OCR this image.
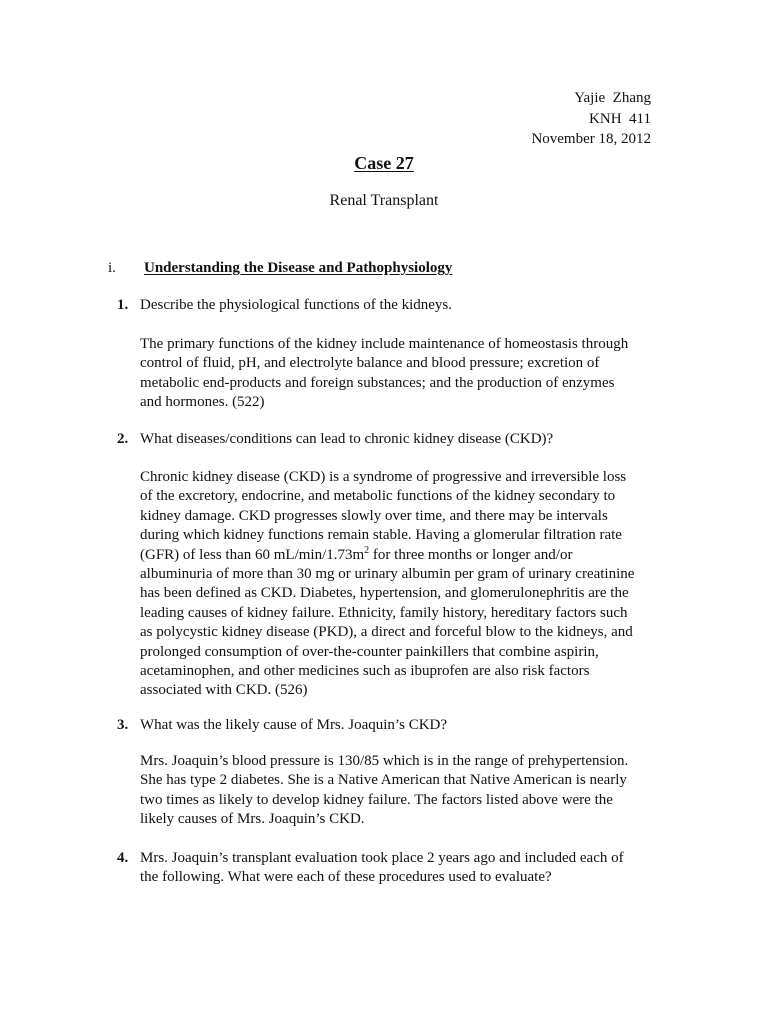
Yajie  Zhang
KNH  411
November 18, 2012
Case 27
Renal Transplant
i. Understanding the Disease and Pathophysiology
1. Describe the physiological functions of the kidneys.
The primary functions of the kidney include maintenance of homeostasis through
control of fluid, pH, and electrolyte balance and blood pressure; excretion of
metabolic end-products and foreign substances; and the production of enzymes
and hormones. (522)
2. What diseases/conditions can lead to chronic kidney disease (CKD)?
Chronic kidney disease (CKD) is a syndrome of progressive and irreversible loss
of the excretory, endocrine, and metabolic functions of the kidney secondary to
kidney damage. CKD progresses slowly over time, and there may be intervals
during which kidney functions remain stable. Having a glomerular filtration rate
(GFR) of less than 60 $mL/\min/1.73m^2$ for three months or longer and/or
albuminuria of more than 30 mg or urinary albumin per gram of urinary creatinine
has been defined as CKD. Diabetes, hypertension, and glomerulonephritis are the
leading causes of kidney failure. Ethnicity, family history, hereditary factors such
as polycystic kidney disease (PKD), a direct and forceful blow to the kidneys, and
prolonged consumption of over-the-counter painkillers that combine aspirin,
acetaminophen, and other medicines such as ibuprofen are also risk factors
associated with CKD. (526)
3. What was the likely cause of Mrs. Joaquin’s CKD?
Mrs. Joaquin’s blood pressure is 130/85 which is in the range of prehypertension.
She has type 2 diabetes. She is a Native American that Native American is nearly
two times as likely to develop kidney failure. The factors listed above were the
likely causes of Mrs. Joaquin’s CKD.
4. Mrs. Joaquin’s transplant evaluation took place 2 years ago and included each of
the following. What were each of these procedures used to evaluate?
